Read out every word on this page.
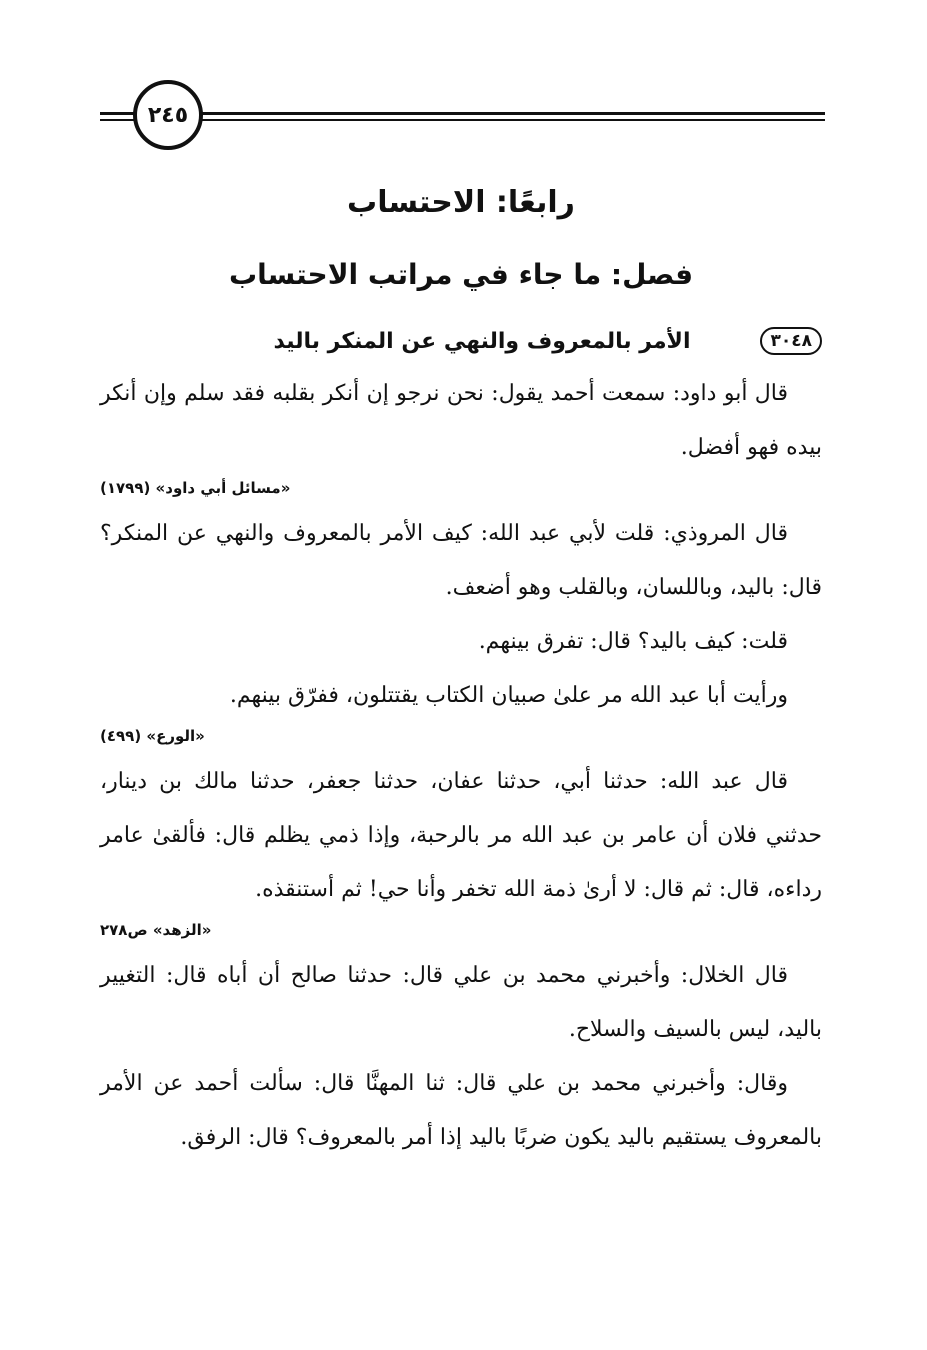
٢٤٥
رابعًا: الاحتساب
فصل: ما جاء في مراتب الاحتساب
٣٠٤٨
الأمر بالمعروف والنهي عن المنكر باليد

قال أبو داود: سمعت أحمد يقول: نحن نرجو إن أنكر بقلبه فقد سلم وإن أنكر بيده فهو أفضل.

«مسائل أبي داود» (١٧٩٩)

قال المروذي: قلت لأبي عبد الله: كيف الأمر بالمعروف والنهي عن المنكر؟ قال: باليد، وباللسان، وبالقلب وهو أضعف.

قلت: كيف باليد؟ قال: تفرق بينهم.

ورأيت أبا عبد الله مر علىٰ صبيان الكتاب يقتتلون، ففرّق بينهم.

«الورع» (٤٩٩)

قال عبد الله: حدثنا أبي، حدثنا عفان، حدثنا جعفر، حدثنا مالك بن دينار، حدثني فلان أن عامر بن عبد الله مر بالرحبة، وإذا ذمي يظلم قال: فألقىٰ عامر رداءه، قال: ثم قال: لا أرىٰ ذمة الله تخفر وأنا حي! ثم أستنقذه.

«الزهد» ص٢٧٨

قال الخلال: وأخبرني محمد بن علي قال: حدثنا صالح أن أباه قال: التغيير باليد، ليس بالسيف والسلاح.

وقال: وأخبرني محمد بن علي قال: ثنا المهنَّا قال: سألت أحمد عن الأمر بالمعروف يستقيم باليد يكون ضربًا باليد إذا أمر بالمعروف؟ قال: الرفق.
